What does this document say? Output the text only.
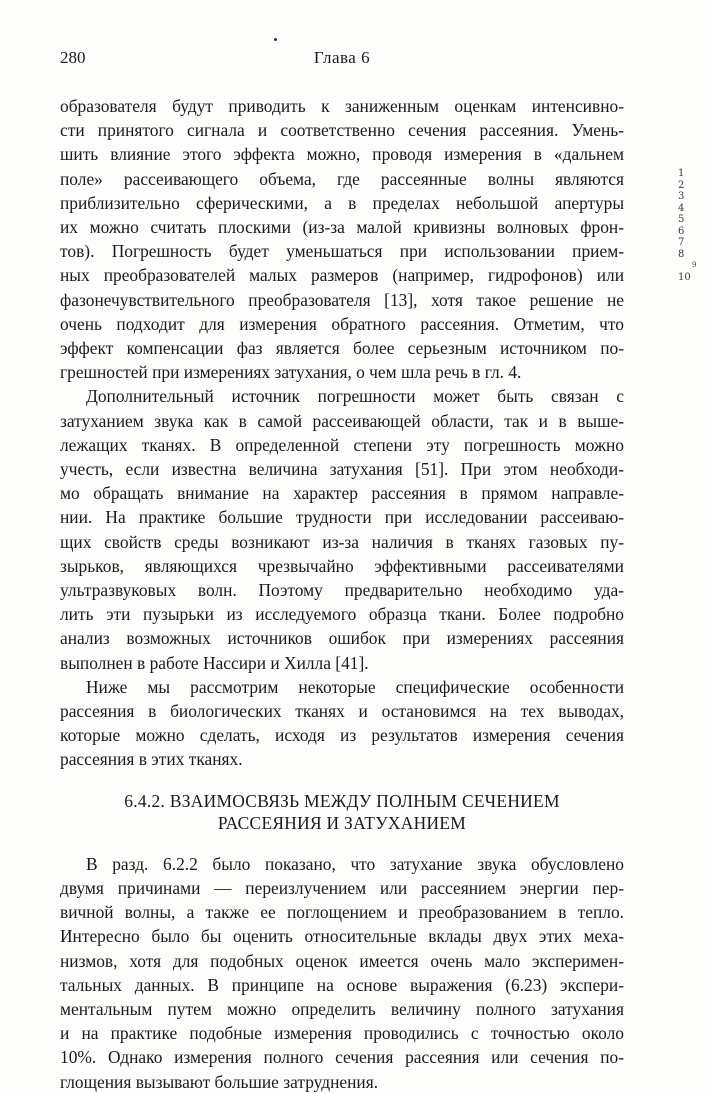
280	Глава 6
образователя будут приводить к заниженным оценкам интенсивно-
сти принятого сигнала и соответственно сечения рассеяния. Умень-
шить влияние этого эффекта можно, проводя измерения в «дальнем
поле» рассеивающего объема, где рассеянные волны являются
приблизительно сферическими, а в пределах небольшой апертуры
их можно считать плоскими (из-за малой кривизны волновых фрон-
тов). Погрешность будет уменьшаться при использовании прием-
ных преобразователей малых размеров (например, гидрофонов) или
фазонечувствительного преобразователя [13], хотя такое решение не
очень подходит для измерения обратного рассеяния. Отметим, что
эффект компенсации фаз является более серьезным источником по-
грешностей при измерениях затухания, о чем шла речь в гл. 4.
Дополнительный источник погрешности может быть связан с
затуханием звука как в самой рассеивающей области, так и в выше-
лежащих тканях. В определенной степени эту погрешность можно
учесть, если известна величина затухания [51]. При этом необходи-
мо обращать внимание на характер рассеяния в прямом направле-
нии. На практике большие трудности при исследовании рассеиваю-
щих свойств среды возникают из-за наличия в тканях газовых пу-
зырьков, являющихся чрезвычайно эффективными рассеивателями
ультразвуковых волн. Поэтому предварительно необходимо уда-
лить эти пузырьки из исследуемого образца ткани. Более подробно
анализ возможных источников ошибок при измерениях рассеяния
выполнен в работе Нассири и Хилла [41].
Ниже мы рассмотрим некоторые специфические особенности
рассеяния в биологических тканях и остановимся на тех выводах,
которые можно сделать, исходя из результатов измерения сечения
рассеяния в этих тканях.
6.4.2. ВЗАИМОСВЯЗЬ МЕЖДУ ПОЛНЫМ СЕЧЕНИЕМ
РАССЕЯНИЯ И ЗАТУХАНИЕМ
В разд. 6.2.2 было показано, что затухание звука обусловлено
двумя причинами — переизлучением или рассеянием энергии пер-
вичной волны, а также ее поглощением и преобразованием в тепло.
Интересно было бы оценить относительные вклады двух этих меха-
низмов, хотя для подобных оценок имеется очень мало эксперимен-
тальных данных. В принципе на основе выражения (6.23) экспери-
ментальным путем можно определить величину полного затухания
и на практике подобные измерения проводились с точностью около
10%. Однако измерения полного сечения рассеяния или сечения по-
глощения вызывают большие затруднения.
1
2
3
4
5
6
7
8
9
10
